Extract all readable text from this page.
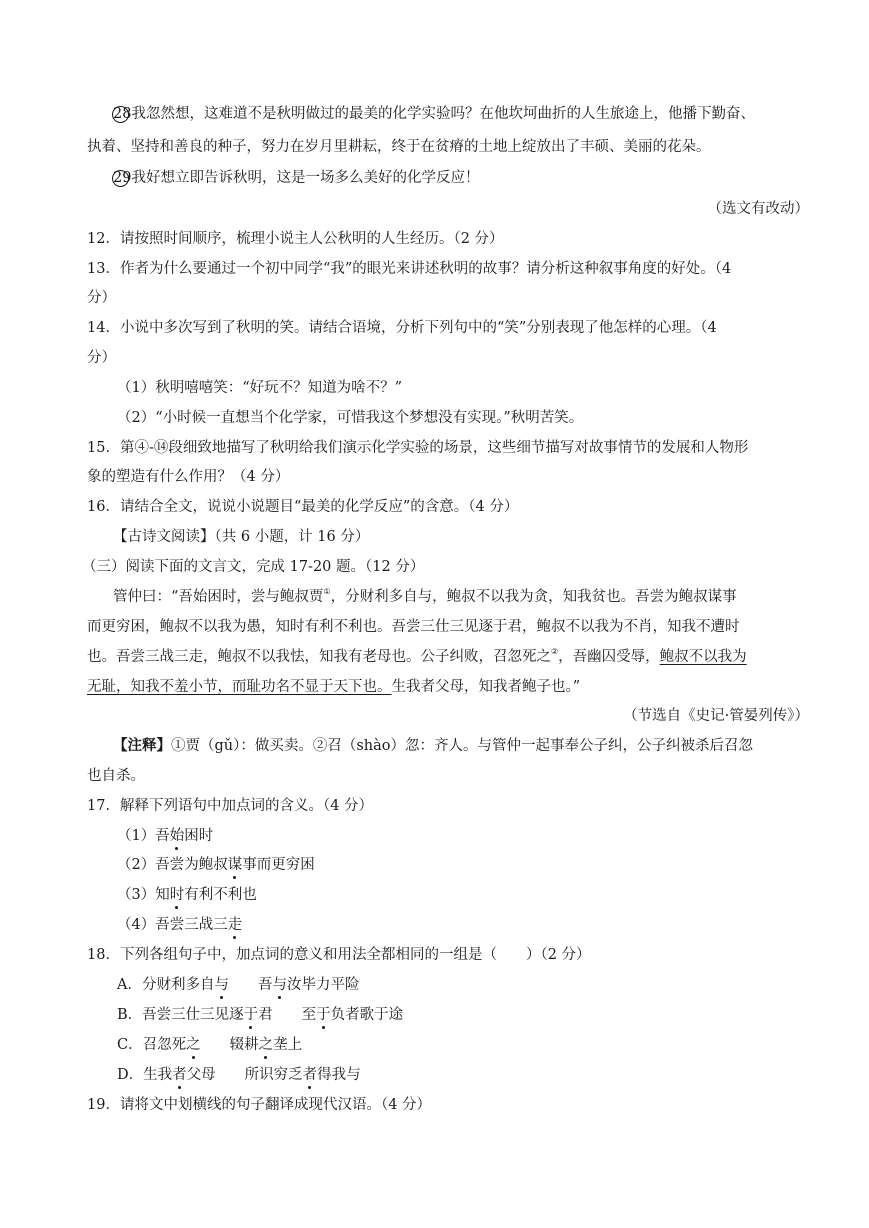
28我忽然想，这难道不是秋明做过的最美的化学实验吗？在他坎坷曲折的人生旅途上，他播下勤奋、
执着、坚持和善良的种子，努力在岁月里耕耘，终于在贫瘠的土地上绽放出了丰硕、美丽的花朵。
29我好想立即告诉秋明，这是一场多么美好的化学反应！
（选文有改动）
12．请按照时间顺序，梳理小说主人公秋明的人生经历。（2 分）
13．作者为什么要通过一个初中同学“我”的眼光来讲述秋明的故事？请分析这种叙事角度的好处。（4
分）
14．小说中多次写到了秋明的笑。请结合语境，分析下列句中的“笑”分别表现了他怎样的心理。（4
分）
（1）秋明嘻嘻笑：“好玩不？知道为啥不？”
（2）“小时候一直想当个化学家，可惜我这个梦想没有实现。”秋明苦笑。
15．第④-⑭段细致地描写了秋明给我们演示化学实验的场景，这些细节描写对故事情节的发展和人物形
象的塑造有什么作用？（4 分）
16．请结合全文，说说小说题目“最美的化学反应”的含意。（4 分）
【古诗文阅读】（共 6 小题，计 16 分）
（三）阅读下面的文言文，完成 17-20 题。（12 分）
管仲曰：“吾始困时，尝与鲍叔贾①，分财利多自与，鲍叔不以我为贪，知我贫也。吾尝为鲍叔谋事
而更穷困，鲍叔不以我为愚，知时有利不利也。吾尝三仕三见逐于君，鲍叔不以我为不肖，知我不遭时
也。吾尝三战三走，鲍叔不以我怯，知我有老母也。公子纠败，召忽死之②，吾幽囚受辱，鲍叔不以我为
无耻，知我不羞小节，而耻功名不显于天下也。生我者父母，知我者鲍子也。”
（节选自《史记·管晏列传》）
【注释】①贾（gǔ）：做买卖。②召（shào）忽：齐人。与管仲一起事奉公子纠，公子纠被杀后召忽
也自杀。
17．解释下列语句中加点词的含义。（4 分）
（1）吾始困时
（2）吾尝为鲍叔谋事而更穷困
（3）知时有利不利也
（4）吾尝三战三走
18．下列各组句子中，加点词的意义和用法全都相同的一组是（　　）（2 分）
A．分财利多自与　　吾与汝毕力平险
B．吾尝三仕三见逐于君　　至于负者歌于途
C．召忽死之　　辍耕之垄上
D．生我者父母　　所识穷乏者得我与
19．请将文中划横线的句子翻译成现代汉语。（4 分）
